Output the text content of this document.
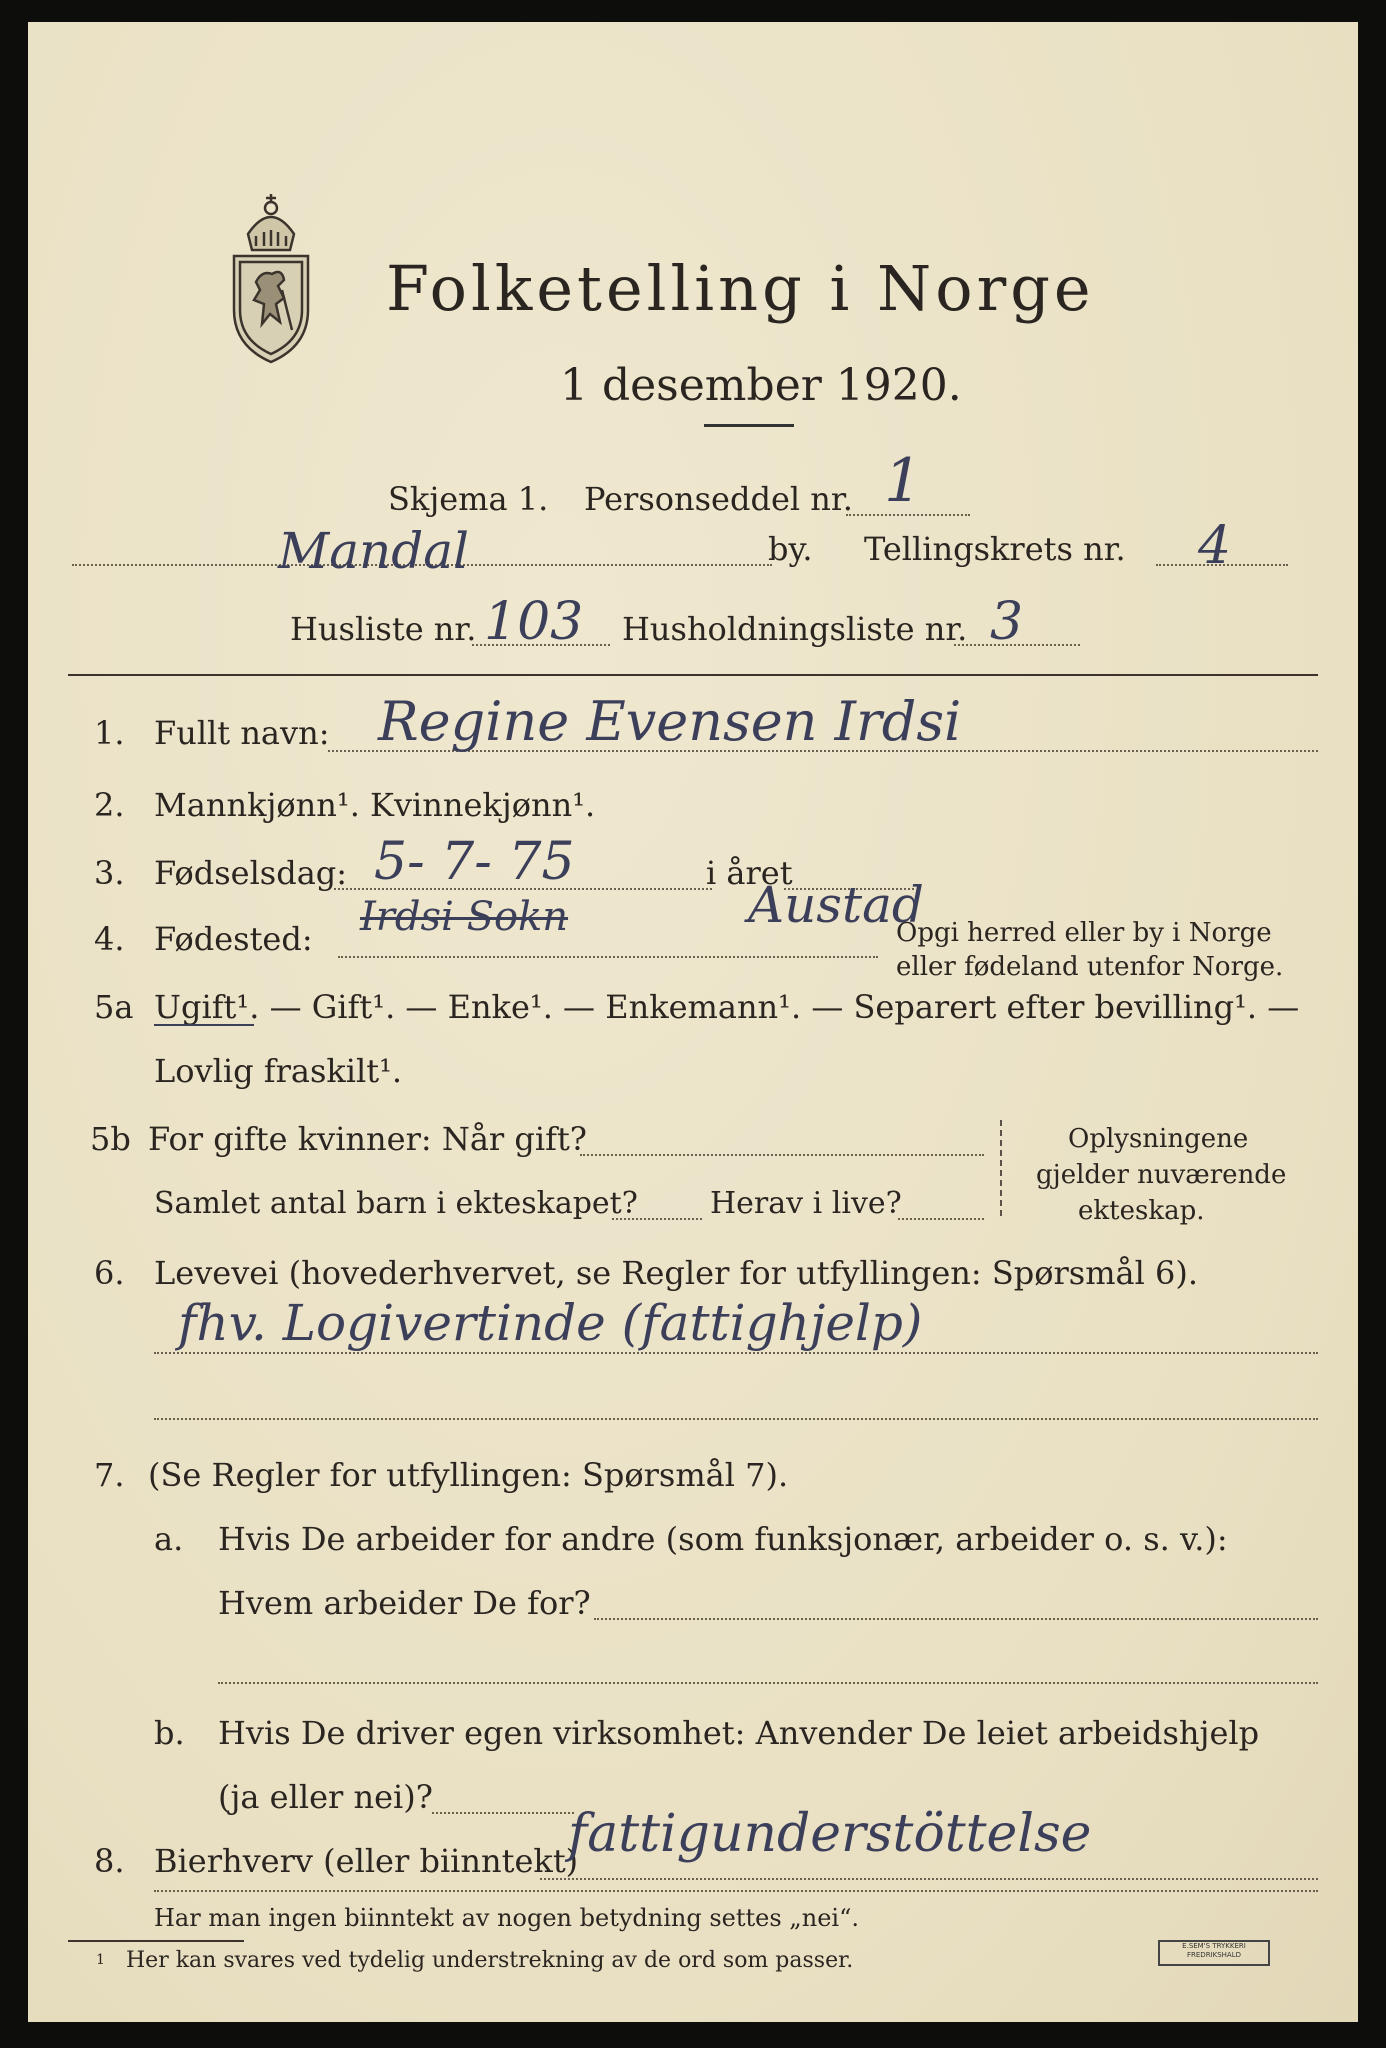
Folketelling i Norge
1 desember 1920.
Skjema 1. Personseddel nr. 1
Mandal	by. Tellingskrets nr. 4
Husliste nr. 103 Husholdningsliste nr. 3
1. Fullt navn: Regine Evensen Irdsi
2. Mannkjønn¹. Kvinnekjønn¹.
3. Fødselsdag: 5- 7- 75	i året
4. Fødested: Irdsi Sokn	Austad
Opgi herred eller by i Norge
eller fødeland utenfor Norge.
5a Ugift¹. — Gift¹. — Enke¹. — Enkemann¹. — Separert efter bevilling¹. —
Lovlig fraskilt¹.
5b For gifte kvinner: Når gift?
Samlet antal barn i ekteskapet? Herav i live?
Oplysningene
gjelder nuværende
ekteskap.
6. Levevei (hovederhvervet, se Regler for utfyllingen: Spørsmål 6).
fhv. Logivertinde (fattighjelp)
7. (Se Regler for utfyllingen: Spørsmål 7).
a. Hvis De arbeider for andre (som funksjonær, arbeider o. s. v.):
Hvem arbeider De for?
b. Hvis De driver egen virksomhet: Anvender De leiet arbeidshjelp
(ja eller nei)?
8. Bierhverv (eller biinntekt)
fattigunderstöttelse
Har man ingen biinntekt av nogen betydning settes „nei“.
1 Her kan svares ved tydelig understrekning av de ord som passer.
E.SEM'S TRYKKERI
FREDRIKSHALD
